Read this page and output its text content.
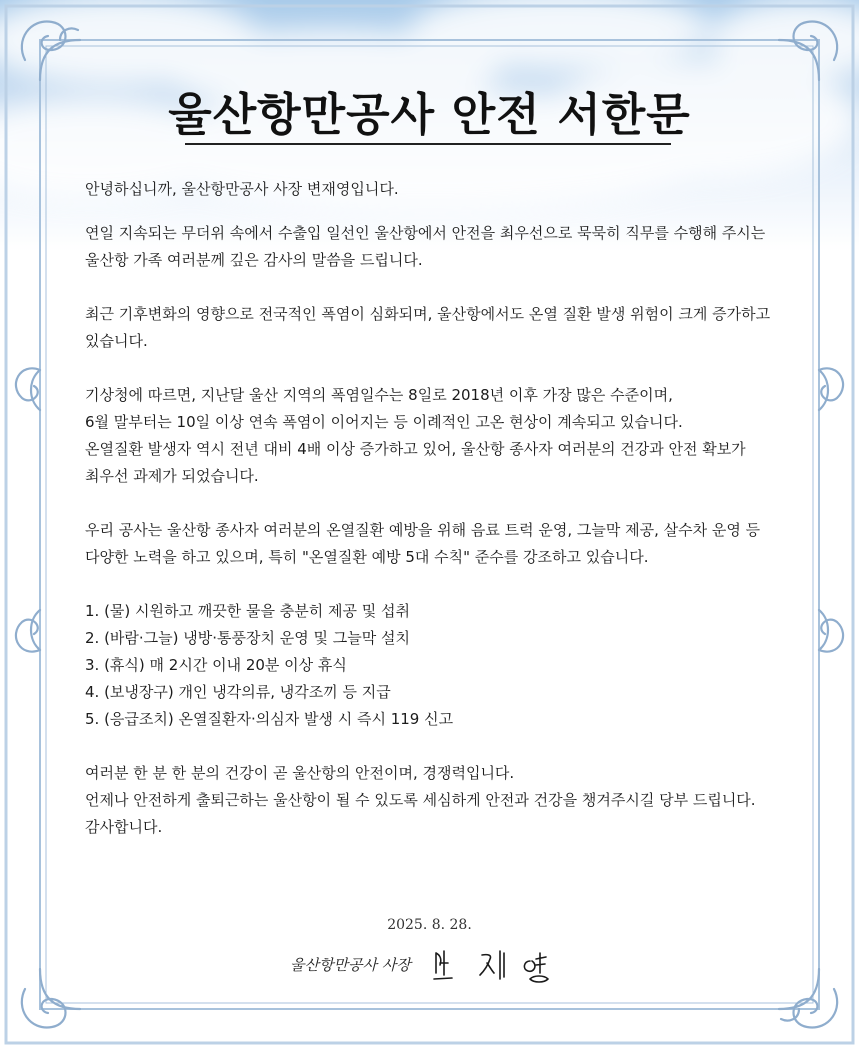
울산항만공사 안전 서한문

안녕하십니까, 울산항만공사 사장 변재영입니다.

연일 지속되는 무더위 속에서 수출입 일선인 울산항에서 안전을 최우선으로 묵묵히 직무를 수행해 주시는

울산항 가족 여러분께 깊은 감사의 말씀을 드립니다.

최근 기후변화의 영향으로 전국적인 폭염이 심화되며, 울산항에서도 온열 질환 발생 위험이 크게 증가하고

있습니다.

기상청에 따르면, 지난달 울산 지역의 폭염일수는 8일로 2018년 이후 가장 많은 수준이며,

6월 말부터는 10일 이상 연속 폭염이 이어지는 등 이례적인 고온 현상이 계속되고 있습니다.

온열질환 발생자 역시 전년 대비 4배 이상 증가하고 있어, 울산항 종사자 여러분의 건강과 안전 확보가

최우선 과제가 되었습니다.

우리 공사는 울산항 종사자 여러분의 온열질환 예방을 위해 음료 트럭 운영, 그늘막 제공, 살수차 운영 등

다양한 노력을 하고 있으며, 특히 "온열질환 예방 5대 수칙" 준수를 강조하고 있습니다.

1. (물) 시원하고 깨끗한 물을 충분히 제공 및 섭취

2. (바람·그늘) 냉방·통풍장치 운영 및 그늘막 설치

3. (휴식) 매 2시간 이내 20분 이상 휴식

4. (보냉장구) 개인 냉각의류, 냉각조끼 등 지급

5. (응급조치) 온열질환자·의심자 발생 시 즉시 119 신고

여러분 한 분 한 분의 건강이 곧 울산항의 안전이며, 경쟁력입니다.

언제나 안전하게 출퇴근하는 울산항이 될 수 있도록 세심하게 안전과 건강을 챙겨주시길 당부 드립니다.

감사합니다.

2025. 8. 28.
울산항만공사 사장
